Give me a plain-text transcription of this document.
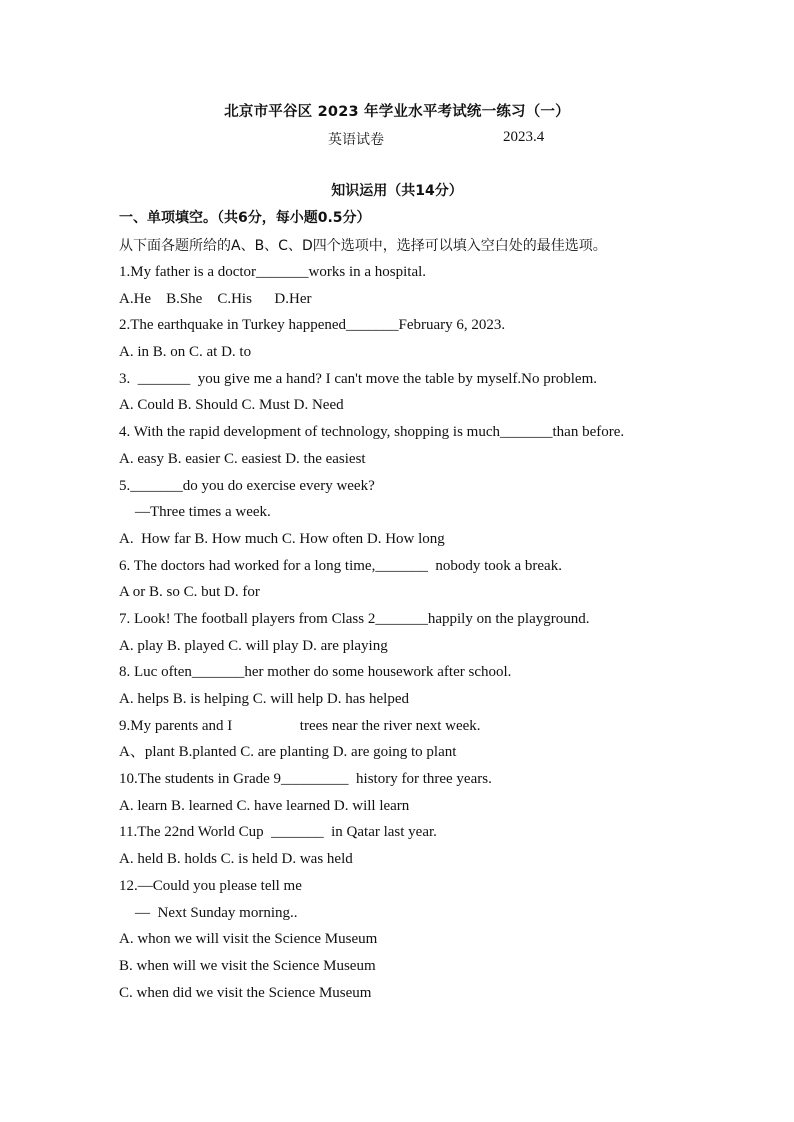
北京市平谷区 2023 年学业水平考试统一练习（一）
英语试卷	2023.4
知识运用（共14分）
一、单项填空。（共6分，每小题0.5分）
从下面各题所给的A、B、C、D四个选项中，选择可以填入空白处的最佳选项。
1.My father is a doctor_______works in a hospital.
A.He    B.She    C.His      D.Her
2.The earthquake in Turkey happened_______February 6, 2023.
A. in B. on C. at D. to
3.  _______  you give me a hand? I can't move the table by myself.No problem.
A. Could B. Should C. Must D. Need
4. With the rapid development of technology, shopping is much_______than before.
A. easy B. easier C. easiest D. the easiest
5._______do you do exercise every week?
—Three times a week.
A.  How far B. How much C. How often D. How long
6. The doctors had worked for a long time,_______  nobody took a break.
A or B. so C. but D. for
7. Look! The football players from Class 2_______happily on the playground.
A. play B. played C. will play D. are playing
8. Luc often_______her mother do some housework after school.
A. helps B. is helping C. will help D. has helped
9.My parents and I                  trees near the river next week.
A、plant B.planted C. are planting D. are going to plant
10.The students in Grade 9_________  history for three years.
A. learn B. learned C. have learned D. will learn
11.The 22nd World Cup  _______  in Qatar last year.
A. held B. holds C. is held D. was held
12.—Could you please tell me
—  Next Sunday morning..
A. whon we will visit the Science Museum
B. when will we visit the Science Museum
C. when did we visit the Science Museum
